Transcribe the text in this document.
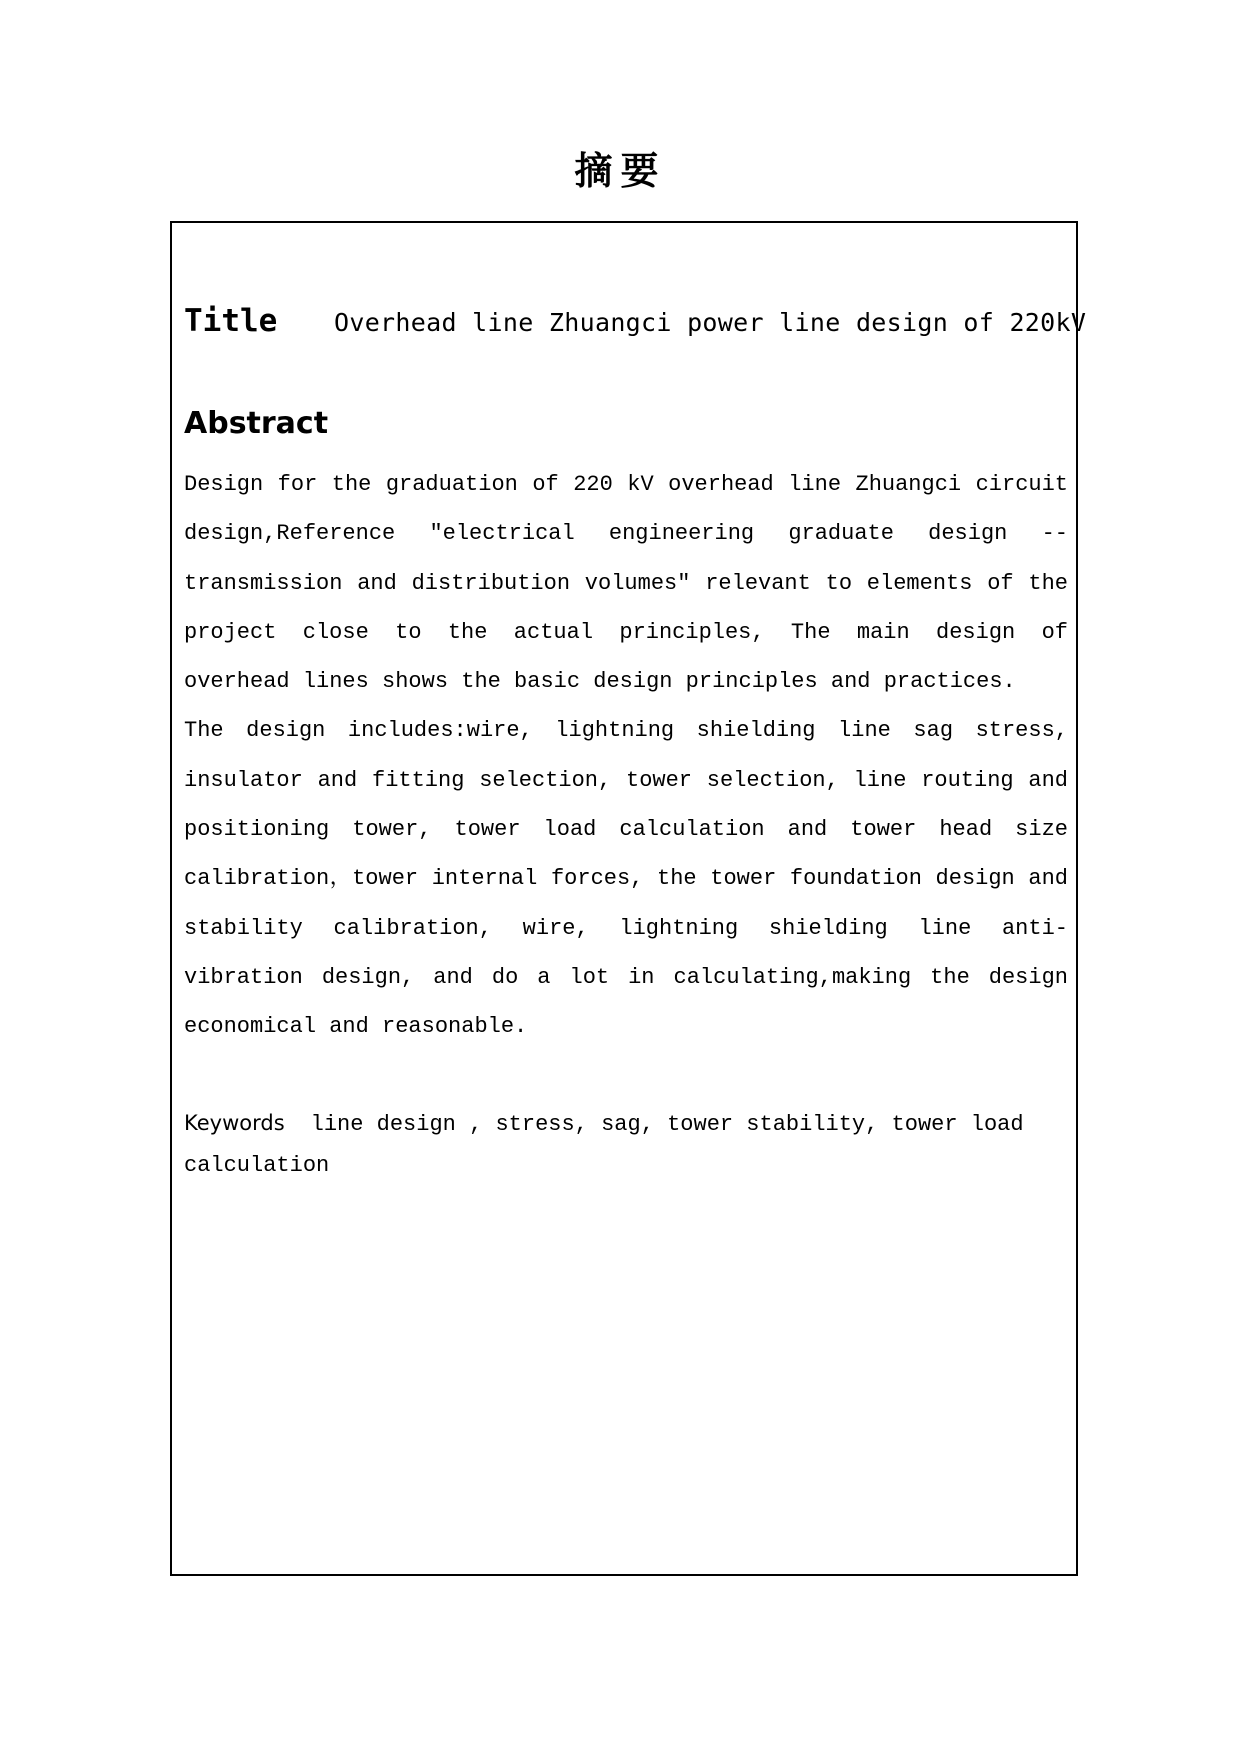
摘要
Title Overhead line Zhuangci power line design of 220kV
Abstract

Design for the graduation of 220 kV overhead line Zhuangci circuit design,Reference "electrical engineering graduate design -- transmission and distribution volumes" relevant to elements of the project close to the actual principles, The main design of overhead lines shows the basic design principles and practices.

The design includes:wire, lightning shielding line sag stress, insulator and fitting selection, tower selection, line routing and positioning tower, tower load calculation and tower head size calibration，tower internal forces, the tower foundation design and stability calibration, wire, lightning shielding line anti-vibration design, and do a lot in calculating,making the design economical and reasonable.

Keywords line design , stress, sag, tower stability, tower load calculation
